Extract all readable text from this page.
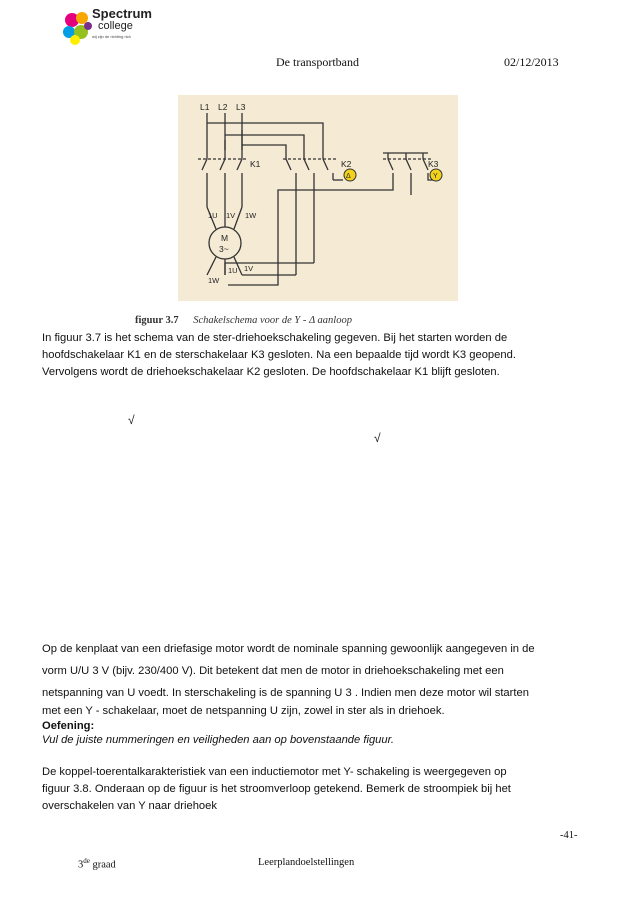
Spectrum
college
wij zijn de richting rich
De transportband	02/12/2013
L1 L2 L3
K1	K2	K3
Δ	Y
1U 1V 1W
M
3~
1W
1U 1V
figuur 3.7 Schakelschema voor de Y - Δ aanloop
In figuur 3.7 is het schema van de ster-driehoekschakeling gegeven. Bij het starten worden de
hoofdschakelaar K1 en de sterschakelaar K3 gesloten. Na een bepaalde tijd wordt K3 geopend.
Vervolgens wordt de driehoekschakelaar K2 gesloten. De hoofdschakelaar K1 blijft gesloten.
√
√
Op de kenplaat van een driefasige motor wordt de nominale spanning gewoonlijk aangegeven in de
vorm U/U 3 V (bijv. 230/400 V). Dit betekent dat men de motor in driehoekschakeling met een
netspanning van U voedt. In sterschakeling is de spanning U 3 . Indien men deze motor wil starten
met een Y - schakelaar, moet de netspanning U zijn, zowel in ster als in driehoek.
Oefening:
Vul de juiste nummeringen en veiligheden aan op bovenstaande figuur.
De koppel-toerentalkarakteristiek van een inductiemotor met Y- schakeling is weergegeven op
figuur 3.8. Onderaan op de figuur is het stroomverloop getekend. Bemerk de stroompiek bij het
overschakelen van Y naar driehoek
-41-
3de graad	Leerplandoelstellingen
